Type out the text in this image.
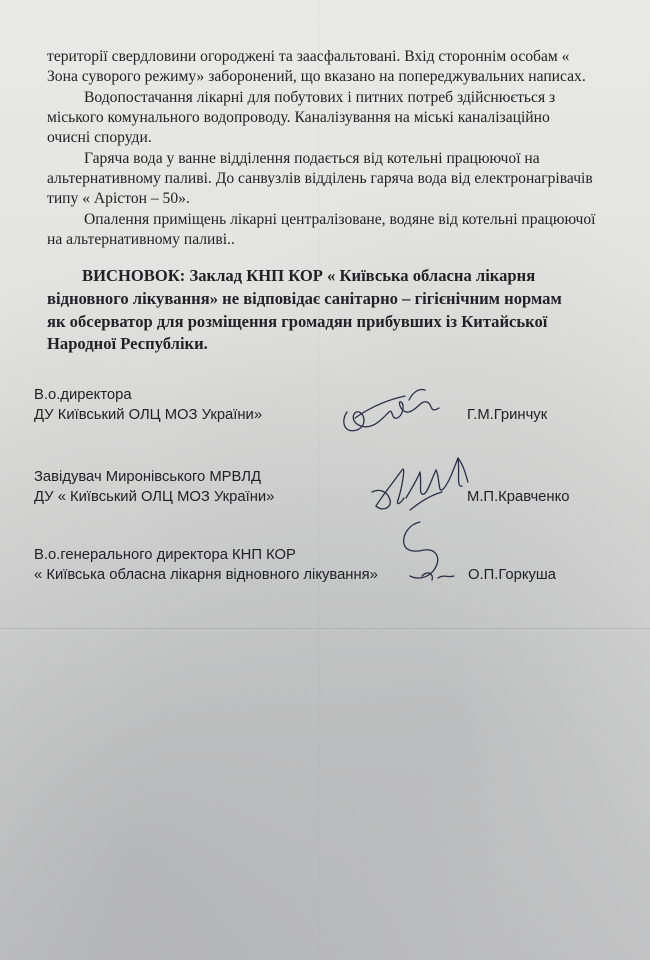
території свердловини огороджені та заасфальтовані. Вхід стороннім особам «
Зона суворого режиму» заборонений, що вказано на попереджувальних написах.
Водопостачання лікарні для побутових і питних потреб здійснюється з
міського комунального водопроводу. Каналізування на міські каналізаційно
очисні споруди.
Гаряча вода у ванне відділення подається від котельні працюючої на
альтернативному паливі. До санвузлів відділень гаряча вода від електронагрівачів
типу « Арістон – 50».
Опалення приміщень лікарні централізоване, водяне від котельні працюючої
на альтернативному паливі..
ВИСНОВОК: Заклад КНП КОР « Київська обласна лікарня
відновного лікування» не відповідає санітарно – гігієнічним нормам
як обсерватор для розміщення громадян прибувших із Китайської
Народної Республіки.
В.о.директора
ДУ Київський ОЛЦ МОЗ України»	Г.М.Гринчук
Завідувач Миронівського МРВЛД
ДУ « Київський ОЛЦ МОЗ України»	М.П.Кравченко
В.о.генерального директора КНП КОР
« Київська обласна лікарня відновного лікування»	О.П.Горкуша
